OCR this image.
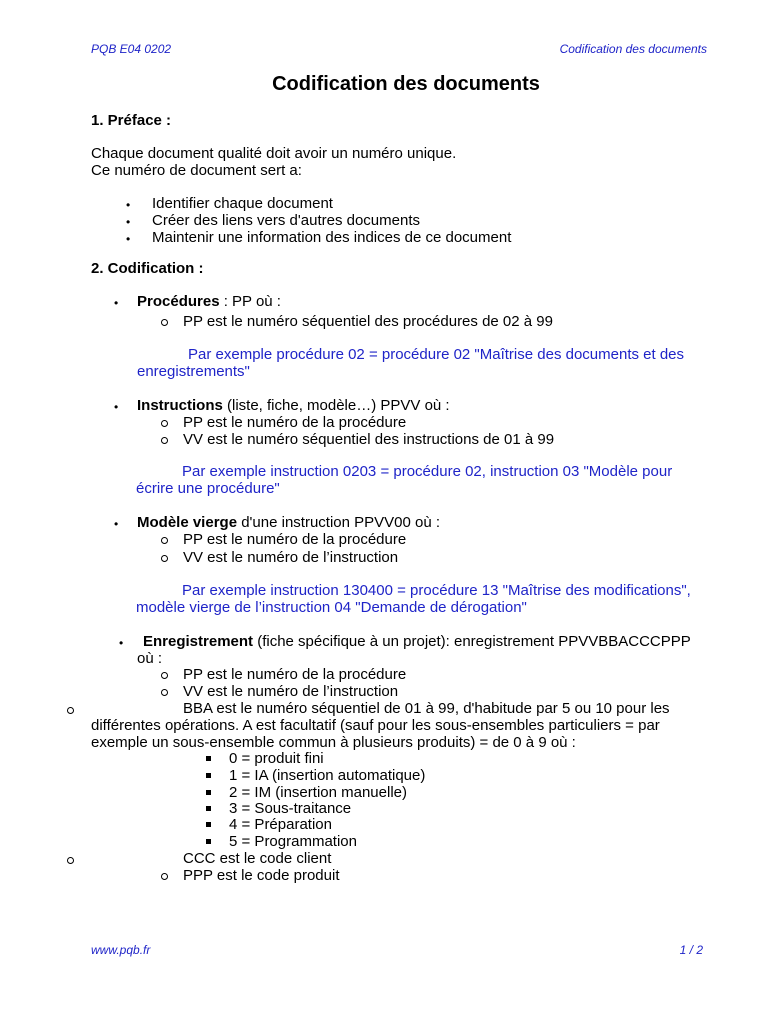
PQB E04 0202	Codification des documents
Codification des documents
1. Préface :
Chaque document qualité doit avoir un numéro unique.
Ce numéro de document sert a:
• Identifier chaque document
• Créer des liens vers d'autres documents
• Maintenir une information des indices de ce document
2. Codification :
• Procédures : PP où :
PP est le numéro séquentiel des procédures de 02 à 99
Par exemple procédure 02 = procédure 02 "Maîtrise des documents et des
enregistrements"
• Instructions (liste, fiche, modèle…) PPVV où :
PP est le numéro de la procédure
VV est le numéro séquentiel des instructions de 01 à 99
Par exemple instruction 0203 = procédure 02, instruction 03 "Modèle pour
écrire une procédure"
• Modèle vierge d'une instruction PPVV00 où :
PP est le numéro de la procédure
VV est le numéro de l’instruction
Par exemple instruction 130400 = procédure 13 "Maîtrise des modifications",
modèle vierge de l’instruction 04 "Demande de dérogation"
• Enregistrement (fiche spécifique à un projet): enregistrement PPVVBBACCCPPP
où :
PP est le numéro de la procédure
VV est le numéro de l’instruction
BBA est le numéro séquentiel de 01 à 99, d'habitude par 5 ou 10 pour les
différentes opérations. A est facultatif (sauf pour les sous-ensembles particuliers = par
exemple un sous-ensemble commun à plusieurs produits) = de 0 à 9 où :
0 = produit fini
1 = IA (insertion automatique)
2 = IM (insertion manuelle)
3 = Sous-traitance
4 = Préparation
5 = Programmation
CCC est le code client
PPP est le code produit
www.pqb.fr	1 / 2
